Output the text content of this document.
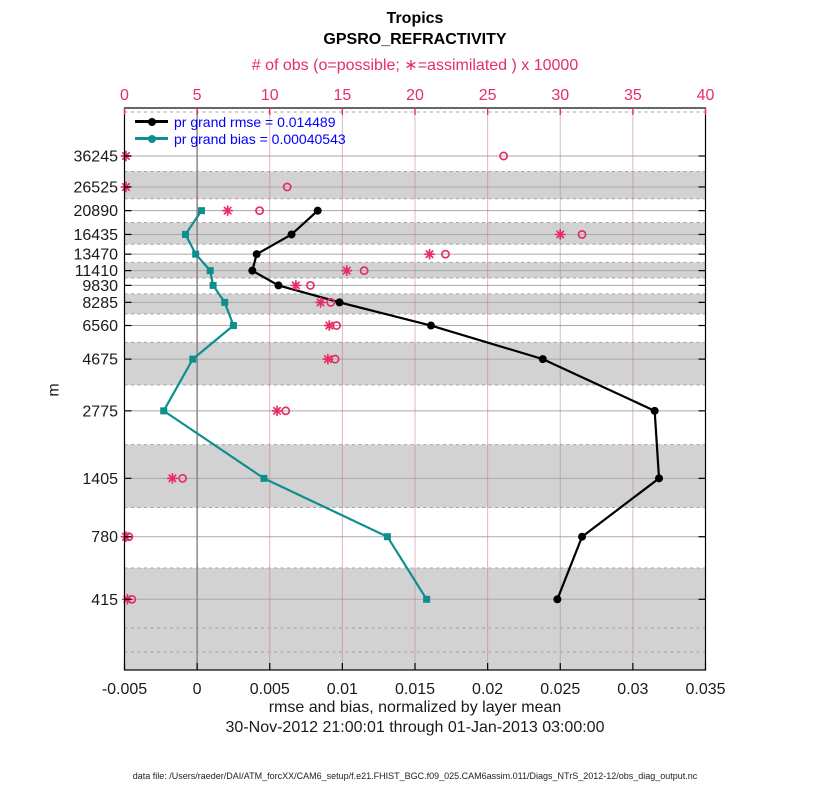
0	5	10	15	20	25	30	35	40
-0.005	0	0.005 0.01 0.015 0.02 0.025 0.03 0.035
36245
26525
20890
16435
13470
11410
9830
8285
6560
4675
2775
1405
780
415
Tropics
GPSRO_REFRACTIVITY
# of obs (o=possible; ∗=assimilated ) x 10000
pr grand rmse = 0.014489
pr grand bias = 0.00040543
m
rmse and bias, normalized by layer mean
30-Nov-2012 21:00:01 through 01-Jan-2013 03:00:00
data file: /Users/raeder/DAI/ATM_forcXX/CAM6_setup/f.e21.FHIST_BGC.f09_025.CAM6assim.011/Diags_NTrS_2012-12/obs_diag_output.nc
